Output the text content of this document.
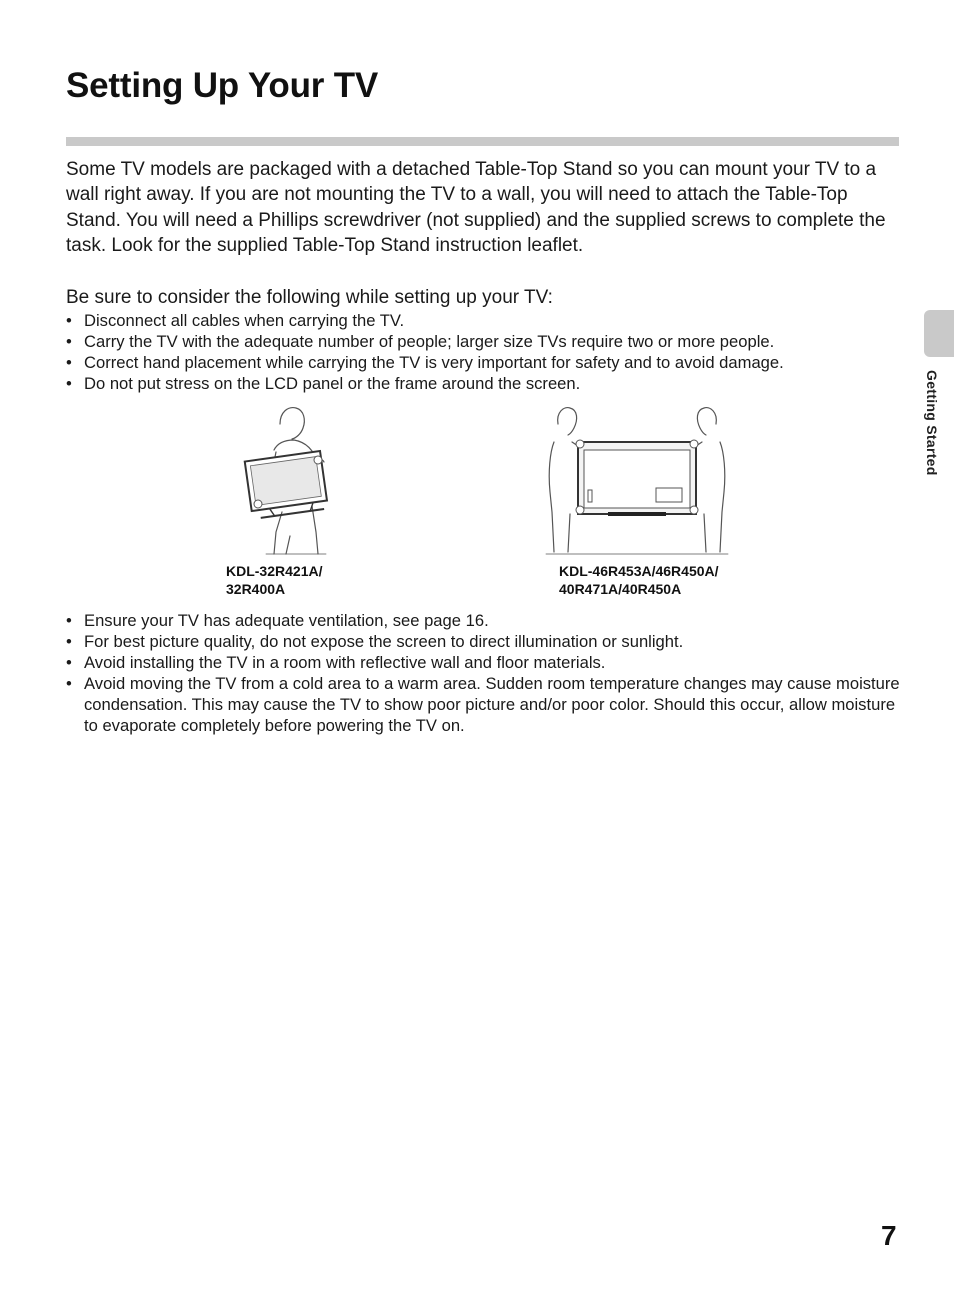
Setting Up Your TV

Some TV models are packaged with a detached Table-Top Stand so you can mount your TV to a wall right away. If you are not mounting the TV to a wall, you will need to attach the Table-Top Stand. You will need a Phillips screwdriver (not supplied) and the supplied screws to complete the task. Look for the supplied Table-Top Stand instruction leaflet.

Be sure to consider the following while setting up your TV:

• Disconnect all cables when carrying the TV.
• Carry the TV with the adequate number of people; larger size TVs require two or more people.
• Correct hand placement while carrying the TV is very important for safety and to avoid damage.
• Do not put stress on the LCD panel or the frame around the screen.

KDL-32R421A/
32R400A

KDL-46R453A/46R450A/
40R471A/40R450A

• Ensure your TV has adequate ventilation, see page 16.
• For best picture quality, do not expose the screen to direct illumination or sunlight.
• Avoid installing the TV in a room with reflective wall and floor materials.
• Avoid moving the TV from a cold area to a warm area. Sudden room temperature changes may cause moisture condensation. This may cause the TV to show poor picture and/or poor color. Should this occur, allow moisture to evaporate completely before powering the TV on.
Getting Started
7
